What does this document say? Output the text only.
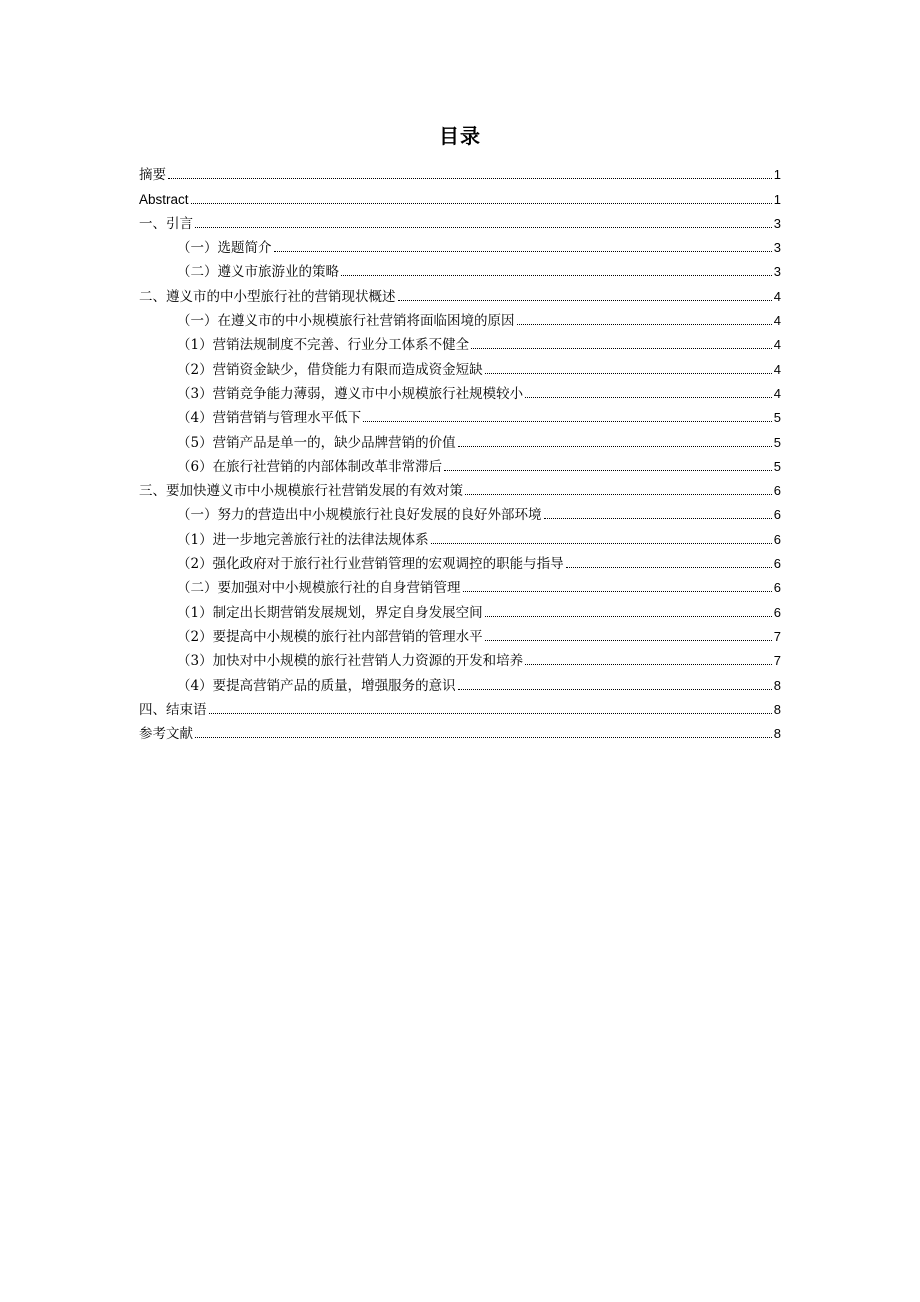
目录
摘要	1
Abstract	1
一、引言	3
（一）选题简介	3
（二）遵义市旅游业的策略	3
二、遵义市的中小型旅行社的营销现状概述	4
（一）在遵义市的中小规模旅行社营销将面临困境的原因	4
（1）营销法规制度不完善、行业分工体系不健全	4
（2）营销资金缺少，借贷能力有限而造成资金短缺	4
（3）营销竞争能力薄弱，遵义市中小规模旅行社规模较小	4
（4）营销营销与管理水平低下	5
（5）营销产品是单一的，缺少品牌营销的价值	5
（6）在旅行社营销的内部体制改革非常滞后	5
三、要加快遵义市中小规模旅行社营销发展的有效对策	6
（一）努力的营造出中小规模旅行社良好发展的良好外部环境	6
（1）进一步地完善旅行社的法律法规体系	6
（2）强化政府对于旅行社行业营销管理的宏观调控的职能与指导	6
（二）要加强对中小规模旅行社的自身营销管理	6
（1）制定出长期营销发展规划，界定自身发展空间	6
（2）要提高中小规模的旅行社内部营销的管理水平	7
（3）加快对中小规模的旅行社营销人力资源的开发和培养	7
（4）要提高营销产品的质量，增强服务的意识	8
四、结束语	8
参考文献	8
